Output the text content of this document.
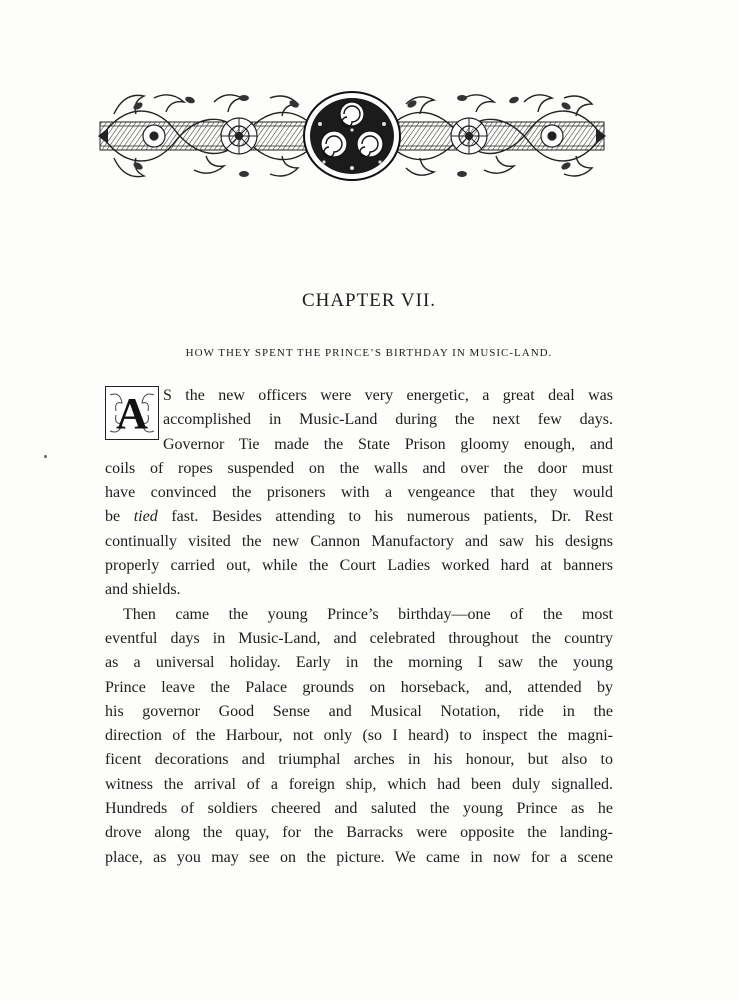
CHAPTER VII.
HOW THEY SPENT THE PRINCE’S BIRTHDAY IN MUSIC-LAND.
A S the new officers were very energetic, a great deal was
accomplished in Music-Land during the next few days.
Governor Tie made the State Prison gloomy enough, and
coils of ropes suspended on the walls and over the door must
have convinced the prisoners with a vengeance that they would
be tied fast. Besides attending to his numerous patients, Dr. Rest
continually visited the new Cannon Manufactory and saw his designs
properly carried out, while the Court Ladies worked hard at banners
and shields.
Then came the young Prince’s birthday—one of the most
eventful days in Music-Land, and celebrated throughout the country
as a universal holiday. Early in the morning I saw the young
Prince leave the Palace grounds on horseback, and, attended by
his governor Good Sense and Musical Notation, ride in the
direction of the Harbour, not only (so I heard) to inspect the magni-
ficent decorations and triumphal arches in his honour, but also to
witness the arrival of a foreign ship, which had been duly signalled.
Hundreds of soldiers cheered and saluted the young Prince as he
drove along the quay, for the Barracks were opposite the landing-
place, as you may see on the picture. We came in now for a scene
